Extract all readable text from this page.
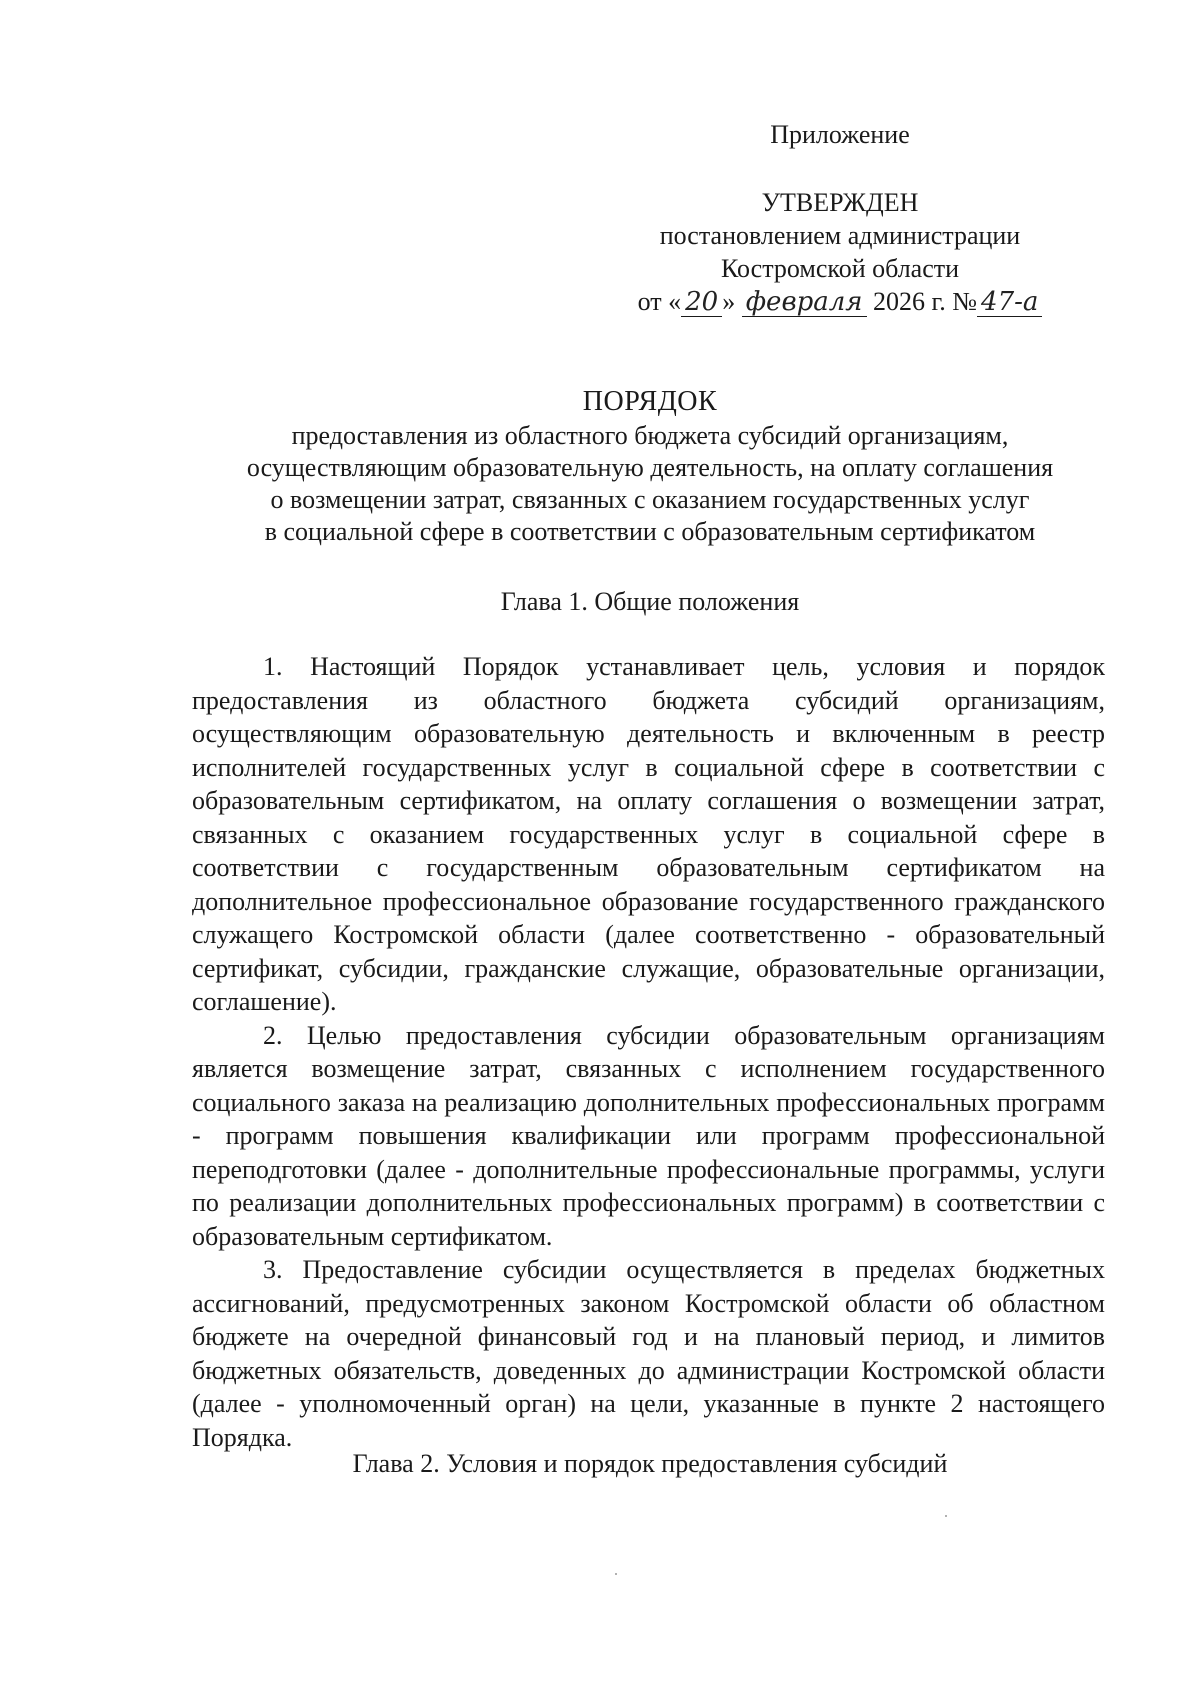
Приложение
УТВЕРЖДЕН
постановлением администрации
Костромской области
от « 20 » февраля 2026 г. № 47-а
ПОРЯДОК
предоставления из областного бюджета субсидий организациям,
осуществляющим образовательную деятельность, на оплату соглашения
о возмещении затрат, связанных с оказанием государственных услуг
в социальной сфере в соответствии с образовательным сертификатом
Глава 1. Общие положения

1. Настоящий Порядок устанавливает цель, условия и порядок предоставления из областного бюджета субсидий организациям, осуществляющим образовательную деятельность и включенным в реестр исполнителей государственных услуг в социальной сфере в соответствии с образовательным сертификатом, на оплату соглашения о возмещении затрат, связанных с оказанием государственных услуг в социальной сфере в соответствии с государственным образовательным сертификатом на дополнительное профессиональное образование государственного гражданского служащего Костромской области (далее соответственно - образовательный сертификат, субсидии, гражданские служащие, образовательные организации, соглашение).

2. Целью предоставления субсидии образовательным организациям является возмещение затрат, связанных с исполнением государственного социального заказа на реализацию дополнительных профессиональных программ - программ повышения квалификации или программ профессиональной переподготовки (далее - дополнительные профессиональные программы, услуги по реализации дополнительных профессиональных программ) в соответствии с образовательным сертификатом.

3. Предоставление субсидии осуществляется в пределах бюджетных ассигнований, предусмотренных законом Костромской области об областном бюджете на очередной финансовый год и на плановый период, и лимитов бюджетных обязательств, доведенных до администрации Костромской области (далее - уполномоченный орган) на цели, указанные в пункте 2 настоящего Порядка.

Глава 2. Условия и порядок предоставления субсидий
